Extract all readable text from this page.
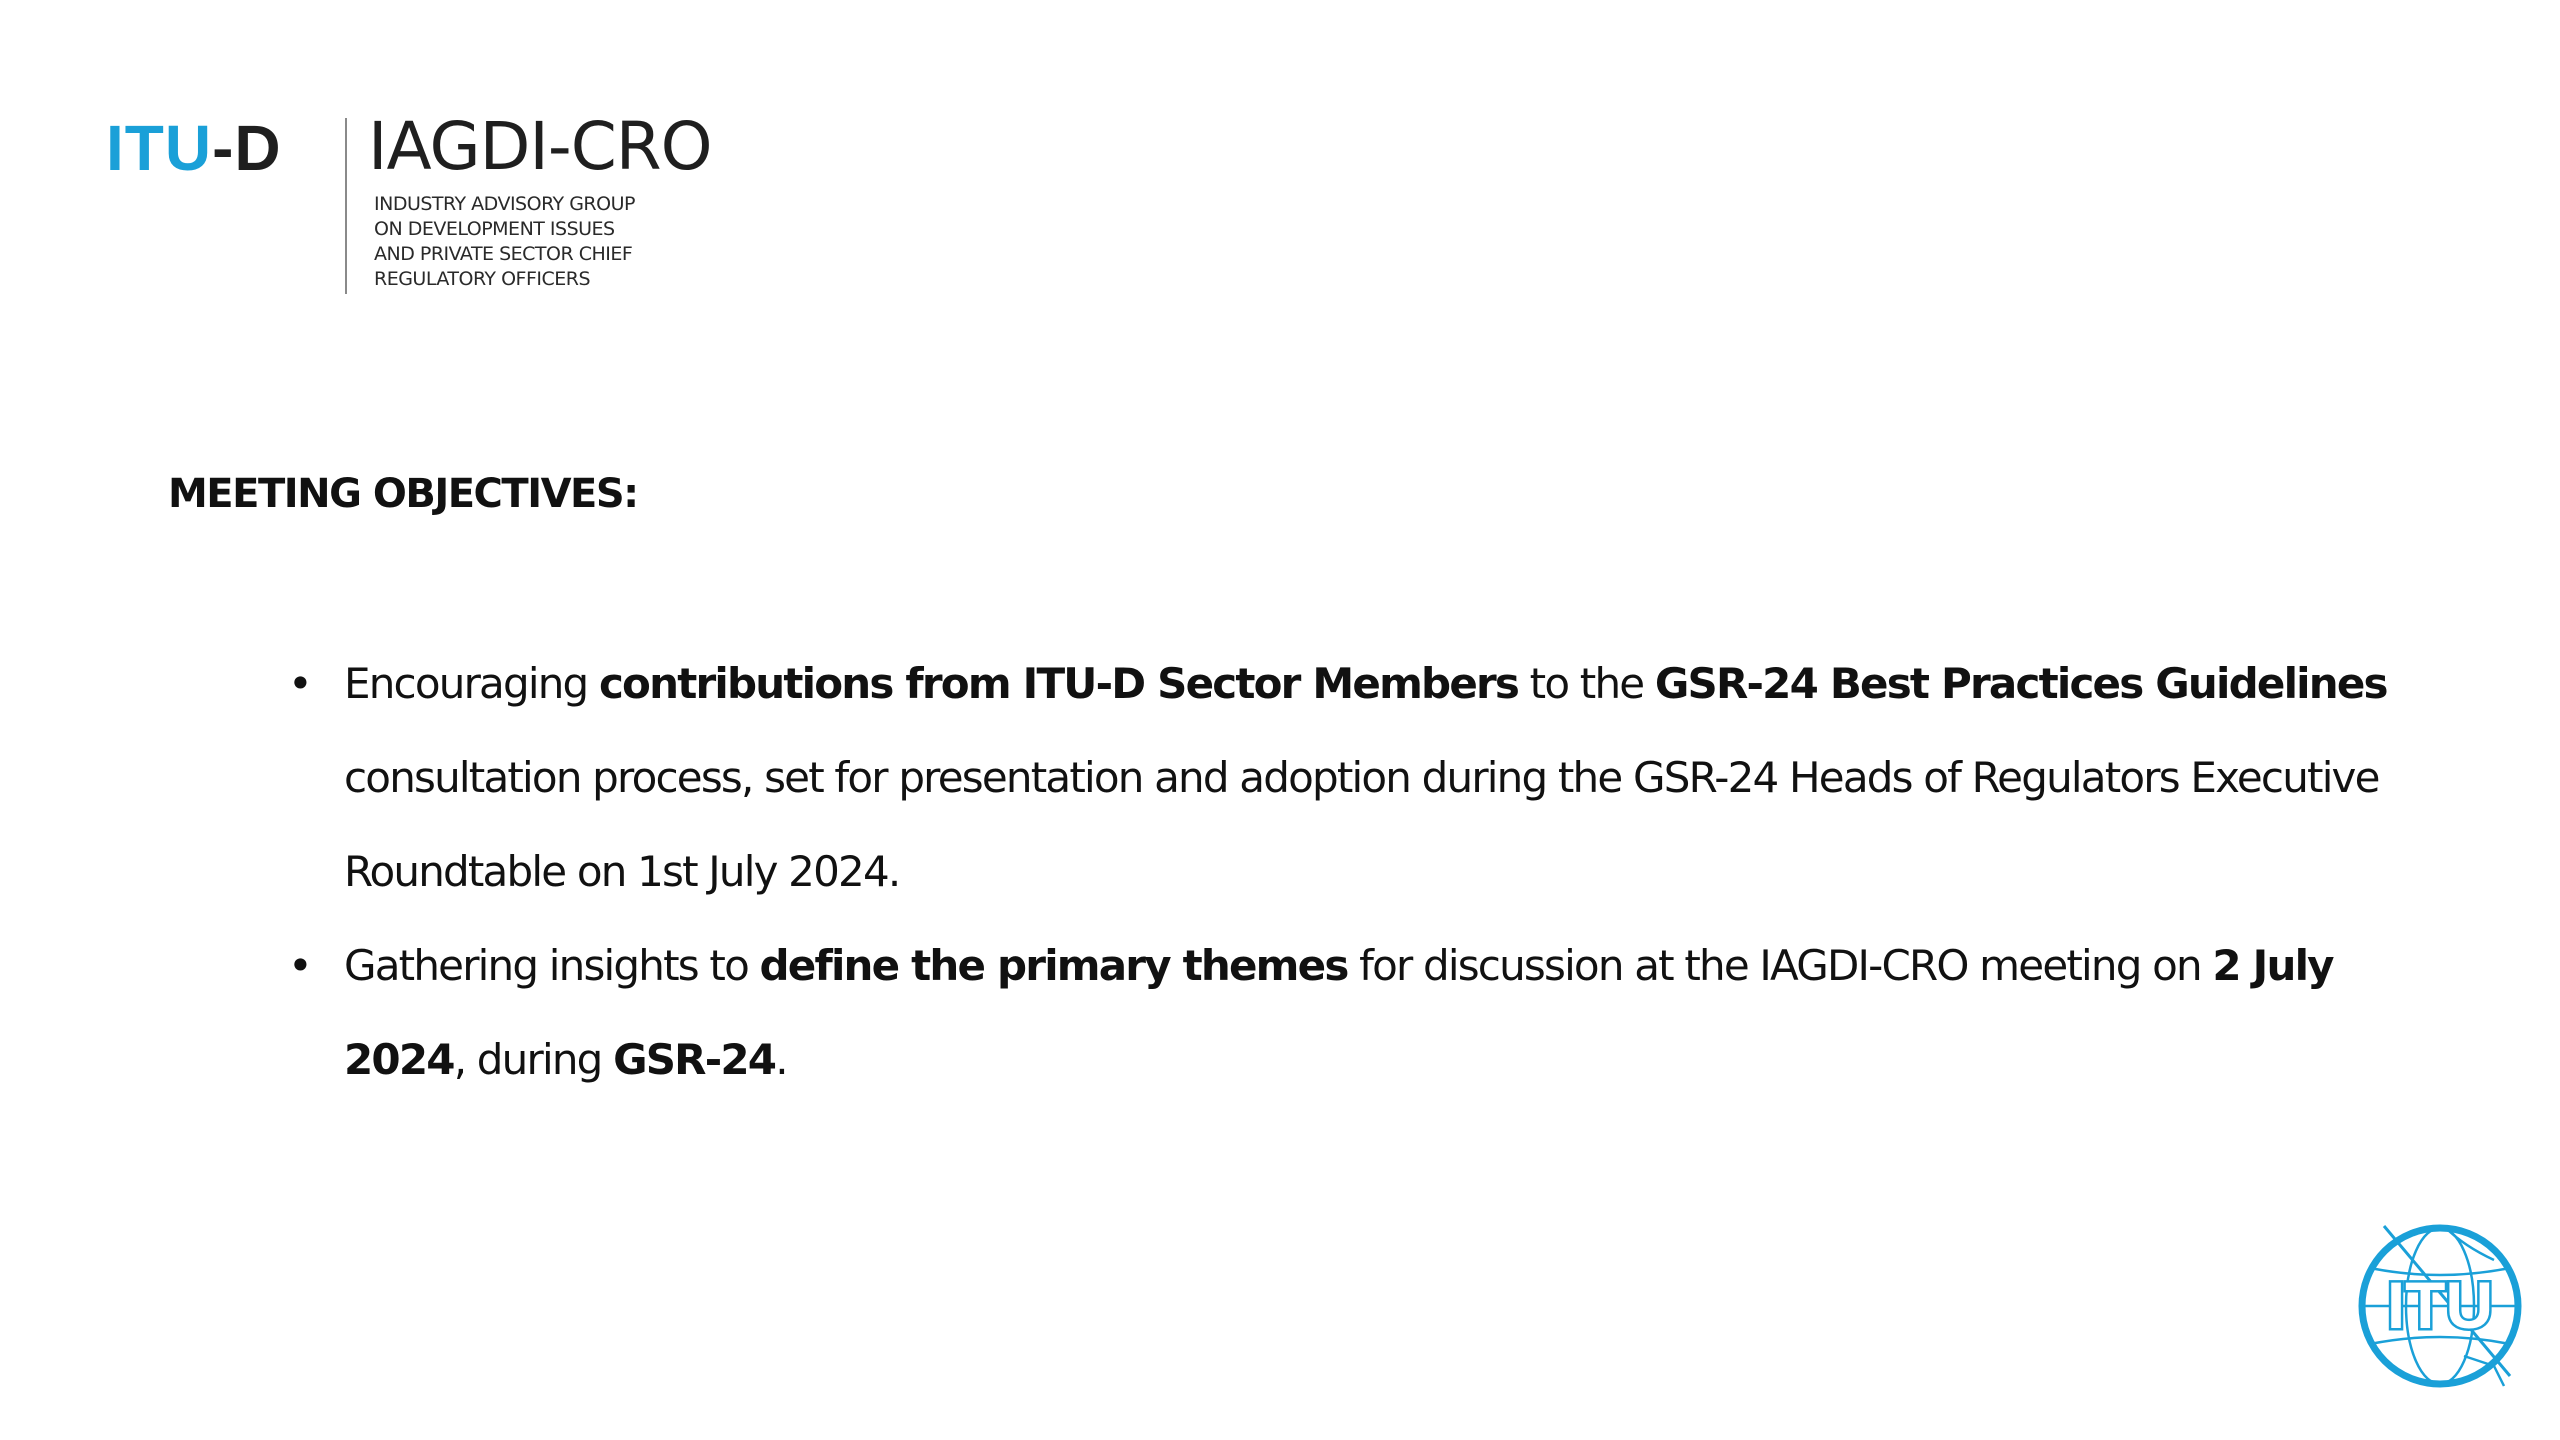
ITU-D IAGDI-CRO
INDUSTRY ADVISORY GROUP
ON DEVELOPMENT ISSUES
AND PRIVATE SECTOR CHIEF
REGULATORY OFFICERS
MEETING OBJECTIVES:
• Encouraging contributions from ITU-D Sector Members to the GSR-24 Best Practices Guidelines consultation process, set for presentation and adoption during the GSR-24 Heads of Regulators Executive Roundtable on 1st July 2024.
• Gathering insights to define the primary themes for discussion at the IAGDI-CRO meeting on 2 July 2024, during GSR-24.
ITU
